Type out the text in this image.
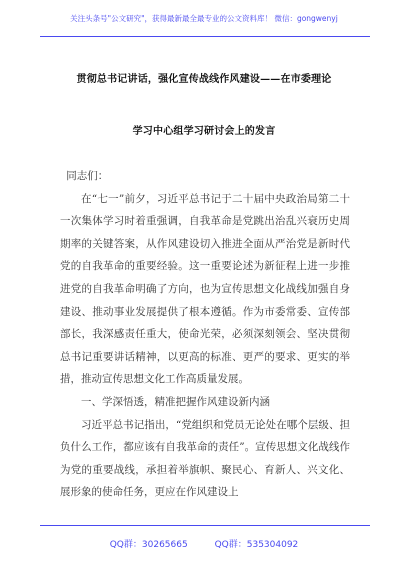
关注头条号"公文研究"，获得最新最全最专业的公文资料库！ 微信：gongwenyj
贯彻总书记讲话，强化宣传战线作风建设——在市委理论
学习中心组学习研讨会上的发言

同志们：

在“七一”前夕，习近平总书记于二十届中央政治局第二十一次集体学习时着重强调，自我革命是党跳出治乱兴衰历史周期率的关键答案，从作风建设切入推进全面从严治党是新时代党的自我革命的重要经验。这一重要论述为新征程上进一步推进党的自我革命明确了方向，也为宣传思想文化战线加强自身建设、推动事业发展提供了根本遵循。作为市委常委、宣传部部长，我深感责任重大，使命光荣，必须深刻领会、坚决贯彻总书记重要讲话精神，以更高的标准、更严的要求、更实的举措，推动宣传思想文化工作高质量发展。

一、学深悟透，精准把握作风建设新内涵

习近平总书记指出，“党组织和党员无论处在哪个层级、担负什么工作，都应该有自我革命的责任”。宣传思想文化战线作为党的重要战线，承担着举旗帜、聚民心、育新人、兴文化、展形象的使命任务，更应在作风建设上

QQ群：30265665	QQ群：535304092
